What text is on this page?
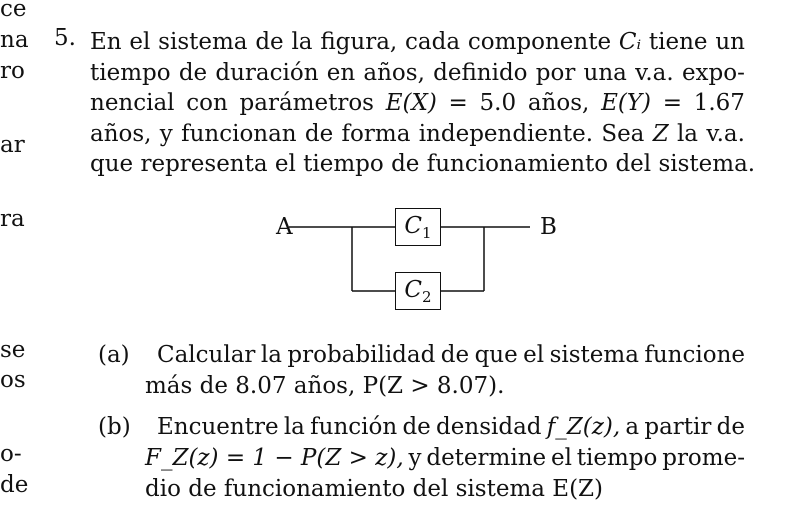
ce
na
ro
ar
ra
se
os
o-
de
5. En el sistema de la figura, cada componente Cᵢ tiene un
tiempo de duración en años, definido por una v.a. expo-
nencial con parámetros E(X) = 5.0 años, E(Y) = 1.67
años, y funcionan de forma independiente. Sea Z la v.a.
que representa el tiempo de funcionamiento del sistema.
A	B
$C_1$
$C_2$
(a) Calcular la probabilidad de que el sistema funcione
más de 8.07 años, P(Z > 8.07).
(b) Encuentre la función de densidad f_Z(z), a partir de
F_Z(z) = 1 − P(Z > z), y determine el tiempo prome-
dio de funcionamiento del sistema E(Z)
